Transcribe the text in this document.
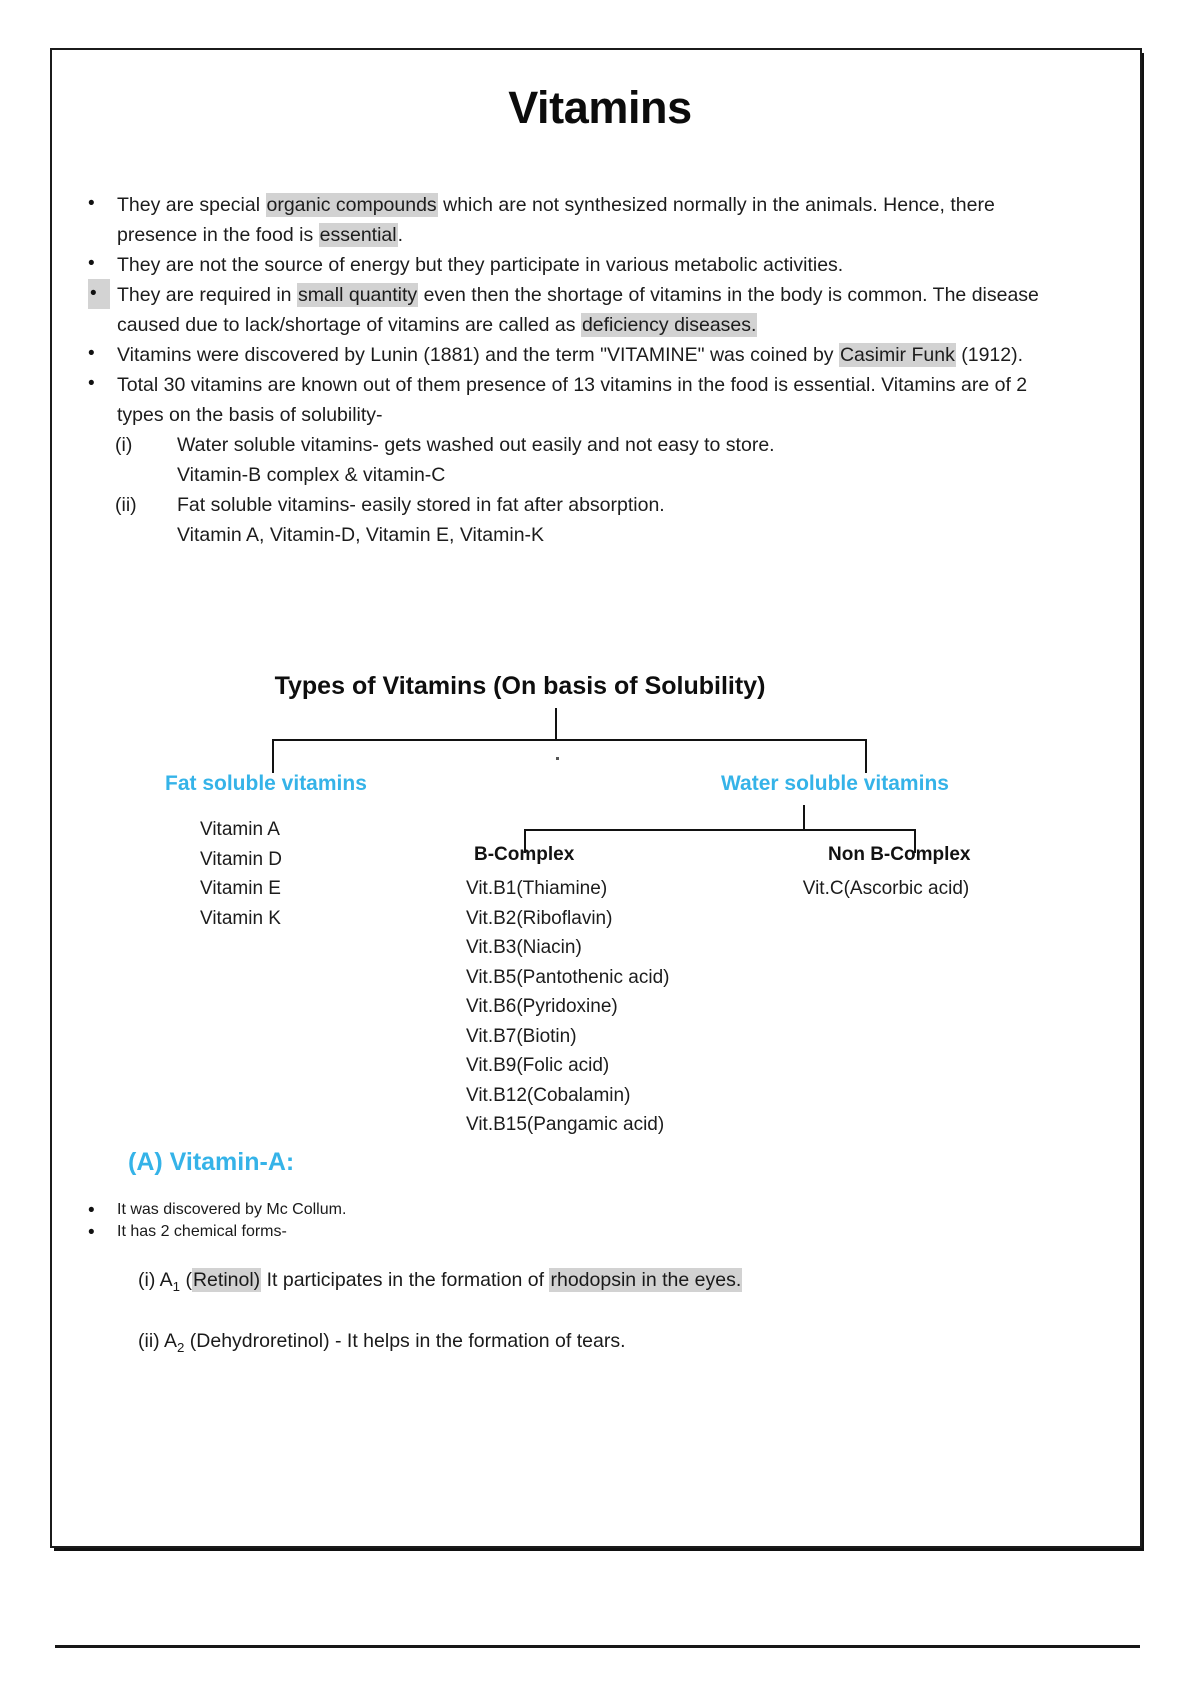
Vitamins
• They are special organic compounds which are not synthesized normally in the animals. Hence, there presence in the food is essential.
• They are not the source of energy but they participate in various metabolic activities.
• They are required in small quantity even then the shortage of vitamins in the body is common. The disease caused due to lack/shortage of vitamins are called as deficiency diseases.
• Vitamins were discovered by Lunin (1881) and the term "VITAMINE" was coined by Casimir Funk (1912).
• Total 30 vitamins are known out of them presence of 13 vitamins in the food is essential. Vitamins are of 2 types on the basis of solubility-
(i)	Water soluble vitamins- gets washed out easily and not easy to store.
Vitamin-B complex & vitamin-C
(ii)	Fat soluble vitamins- easily stored in fat after absorption.
Vitamin A, Vitamin-D, Vitamin E, Vitamin-K
Types of Vitamins (On basis of Solubility)
Fat soluble vitamins	Water soluble vitamins
Vitamin A
Vitamin D
Vitamin E
Vitamin K
B-Complex
Vit.B1(Thiamine)
Vit.B2(Riboflavin)
Vit.B3(Niacin)
Vit.B5(Pantothenic acid)
Vit.B6(Pyridoxine)
Vit.B7(Biotin)
Vit.B9(Folic acid)
Vit.B12(Cobalamin)
Vit.B15(Pangamic acid)
Non B-Complex
Vit.C(Ascorbic acid)
(A) Vitamin-A:
• It was discovered by Mc Collum.
• It has 2 chemical forms-
(i) $A_1$ (Retinol) It participates in the formation of rhodopsin in the eyes.
(ii) $A_2$ (Dehydroretinol) - It helps in the formation of tears.
